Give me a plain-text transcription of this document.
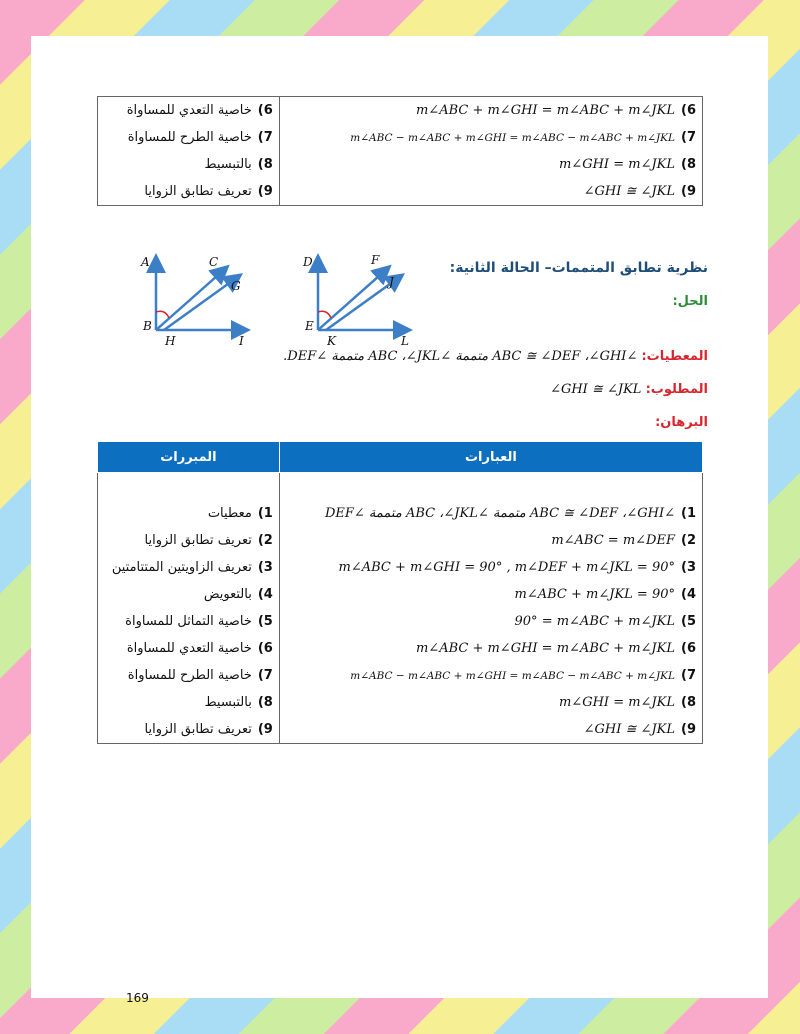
6)m∠ABC + m∠GHI = m∠ABC + m∠JKL	6)خاصية التعدي للمساواة
7)m∠ABC − m∠ABC + m∠GHI = m∠ABC − m∠ABC + m∠JKL	7)خاصية الطرح للمساواة
8)m∠GHI = m∠JKL	8)بالتبسيط
9)∠GHI ≅ ∠JKL	9)تعريف تطابق الزوايا
A	C
G
B
H	I
D	F
J
E
K	L
نظرية تطابق المتممات– الحالة الثانية:
الحل:
المعطيات: ∠ABC ≅ ∠DEF ،∠GHI متممة ∠ABC ،∠JKL متممة ∠DEF.
المطلوب: ∠GHI ≅ ∠JKL
البرهان:
العبارات	المبررات

1)∠ABC ≅ ∠DEF ،∠GHI متممة ∠ABC ،∠JKL متممة ∠DEF	1)معطيات
2)m∠ABC = m∠DEF	2)تعريف تطابق الزوايا
3)m∠ABC + m∠GHI = 90° , m∠DEF + m∠JKL = 90°	3)تعريف الزاويتين المتتامتين
4)m∠ABC + m∠JKL = 90°	4)بالتعويض
5)90° = m∠ABC + m∠JKL	5)خاصية التماثل للمساواة
6)m∠ABC + m∠GHI = m∠ABC + m∠JKL	6)خاصية التعدي للمساواة
7)m∠ABC − m∠ABC + m∠GHI = m∠ABC − m∠ABC + m∠JKL	7)خاصية الطرح للمساواة
8)m∠GHI = m∠JKL	8)بالتبسيط
9)∠GHI ≅ ∠JKL	9)تعريف تطابق الزوايا
169
